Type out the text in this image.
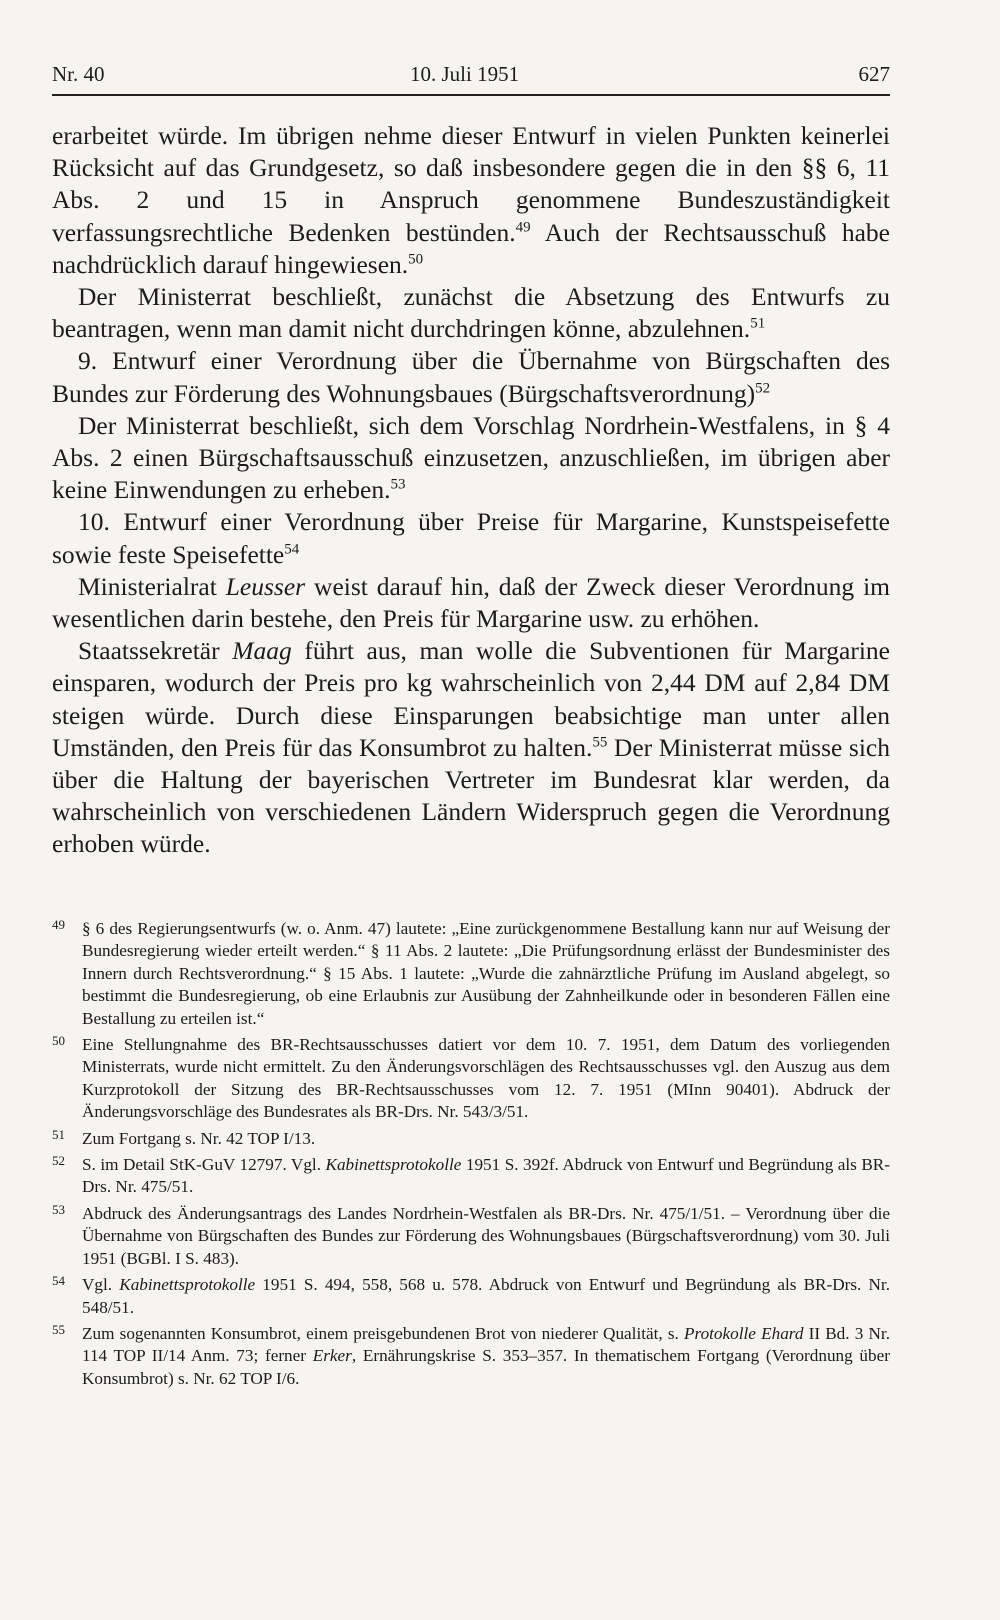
Nr. 40	10. Juli 1951	627

erarbeitet würde. Im übrigen nehme dieser Entwurf in vielen Punkten keinerlei Rücksicht auf das Grundgesetz, so daß insbesondere gegen die in den §§ 6, 11 Abs. 2 und 15 in Anspruch genommene Bundeszuständigkeit verfassungsrechtliche Bedenken bestünden.$^{49}$ Auch der Rechtsausschuß habe nachdrücklich darauf hingewiesen.$^{50}$

Der Ministerrat beschließt, zunächst die Absetzung des Entwurfs zu beantragen, wenn man damit nicht durchdringen könne, abzulehnen.$^{51}$

9. Entwurf einer Verordnung über die Übernahme von Bürgschaften des Bundes zur Förderung des Wohnungsbaues (Bürgschaftsverordnung)$^{52}$

Der Ministerrat beschließt, sich dem Vorschlag Nordrhein-Westfalens, in § 4 Abs. 2 einen Bürgschaftsausschuß einzusetzen, anzuschließen, im übrigen aber keine Einwendungen zu erheben.$^{53}$

10. Entwurf einer Verordnung über Preise für Margarine, Kunstspeisefette sowie feste Speisefette$^{54}$

Ministerialrat Leusser weist darauf hin, daß der Zweck dieser Verordnung im wesentlichen darin bestehe, den Preis für Margarine usw. zu erhöhen.

Staatssekretär Maag führt aus, man wolle die Subventionen für Margarine einsparen, wodurch der Preis pro kg wahrscheinlich von 2,44 DM auf 2,84 DM steigen würde. Durch diese Einsparungen beabsichtige man unter allen Umständen, den Preis für das Konsumbrot zu halten.$^{55}$ Der Ministerrat müsse sich über die Haltung der bayerischen Vertreter im Bundesrat klar werden, da wahrscheinlich von verschiedenen Ländern Widerspruch gegen die Verordnung erhoben würde.

49 § 6 des Regierungsentwurfs (w. o. Anm. 47) lautete: „Eine zurückgenommene Bestallung kann nur auf Weisung der Bundesregierung wieder erteilt werden.“ § 11 Abs. 2 lautete: „Die Prüfungsordnung erlässt der Bundesminister des Innern durch Rechtsverordnung.“ § 15 Abs. 1 lautete: „Wurde die zahnärztliche Prüfung im Ausland abgelegt, so bestimmt die Bundesregierung, ob eine Erlaubnis zur Ausübung der Zahnheilkunde oder in besonderen Fällen eine Bestallung zu erteilen ist.“
50 Eine Stellungnahme des BR-Rechtsausschusses datiert vor dem 10. 7. 1951, dem Datum des vorliegenden Ministerrats, wurde nicht ermittelt. Zu den Änderungsvorschlägen des Rechtsausschusses vgl. den Auszug aus dem Kurzprotokoll der Sitzung des BR-Rechtsausschusses vom 12. 7. 1951 (MInn 90401). Abdruck der Änderungsvorschläge des Bundesrates als BR-Drs. Nr. 543/3/51.
51 Zum Fortgang s. Nr. 42 TOP I/13.
52 S. im Detail StK-GuV 12797. Vgl. Kabinettsprotokolle 1951 S. 392f. Abdruck von Entwurf und Begründung als BR-Drs. Nr. 475/51.
53 Abdruck des Änderungsantrags des Landes Nordrhein-Westfalen als BR-Drs. Nr. 475/1/51. – Verordnung über die Übernahme von Bürgschaften des Bundes zur Förderung des Wohnungsbaues (Bürgschaftsverordnung) vom 30. Juli 1951 (BGBl. I S. 483).
54 Vgl. Kabinettsprotokolle 1951 S. 494, 558, 568 u. 578. Abdruck von Entwurf und Begründung als BR-Drs. Nr. 548/51.
55 Zum sogenannten Konsumbrot, einem preisgebundenen Brot von niederer Qualität, s. Protokolle Ehard II Bd. 3 Nr. 114 TOP II/14 Anm. 73; ferner Erker, Ernährungskrise S. 353–357. In thematischem Fortgang (Verordnung über Konsumbrot) s. Nr. 62 TOP I/6.
